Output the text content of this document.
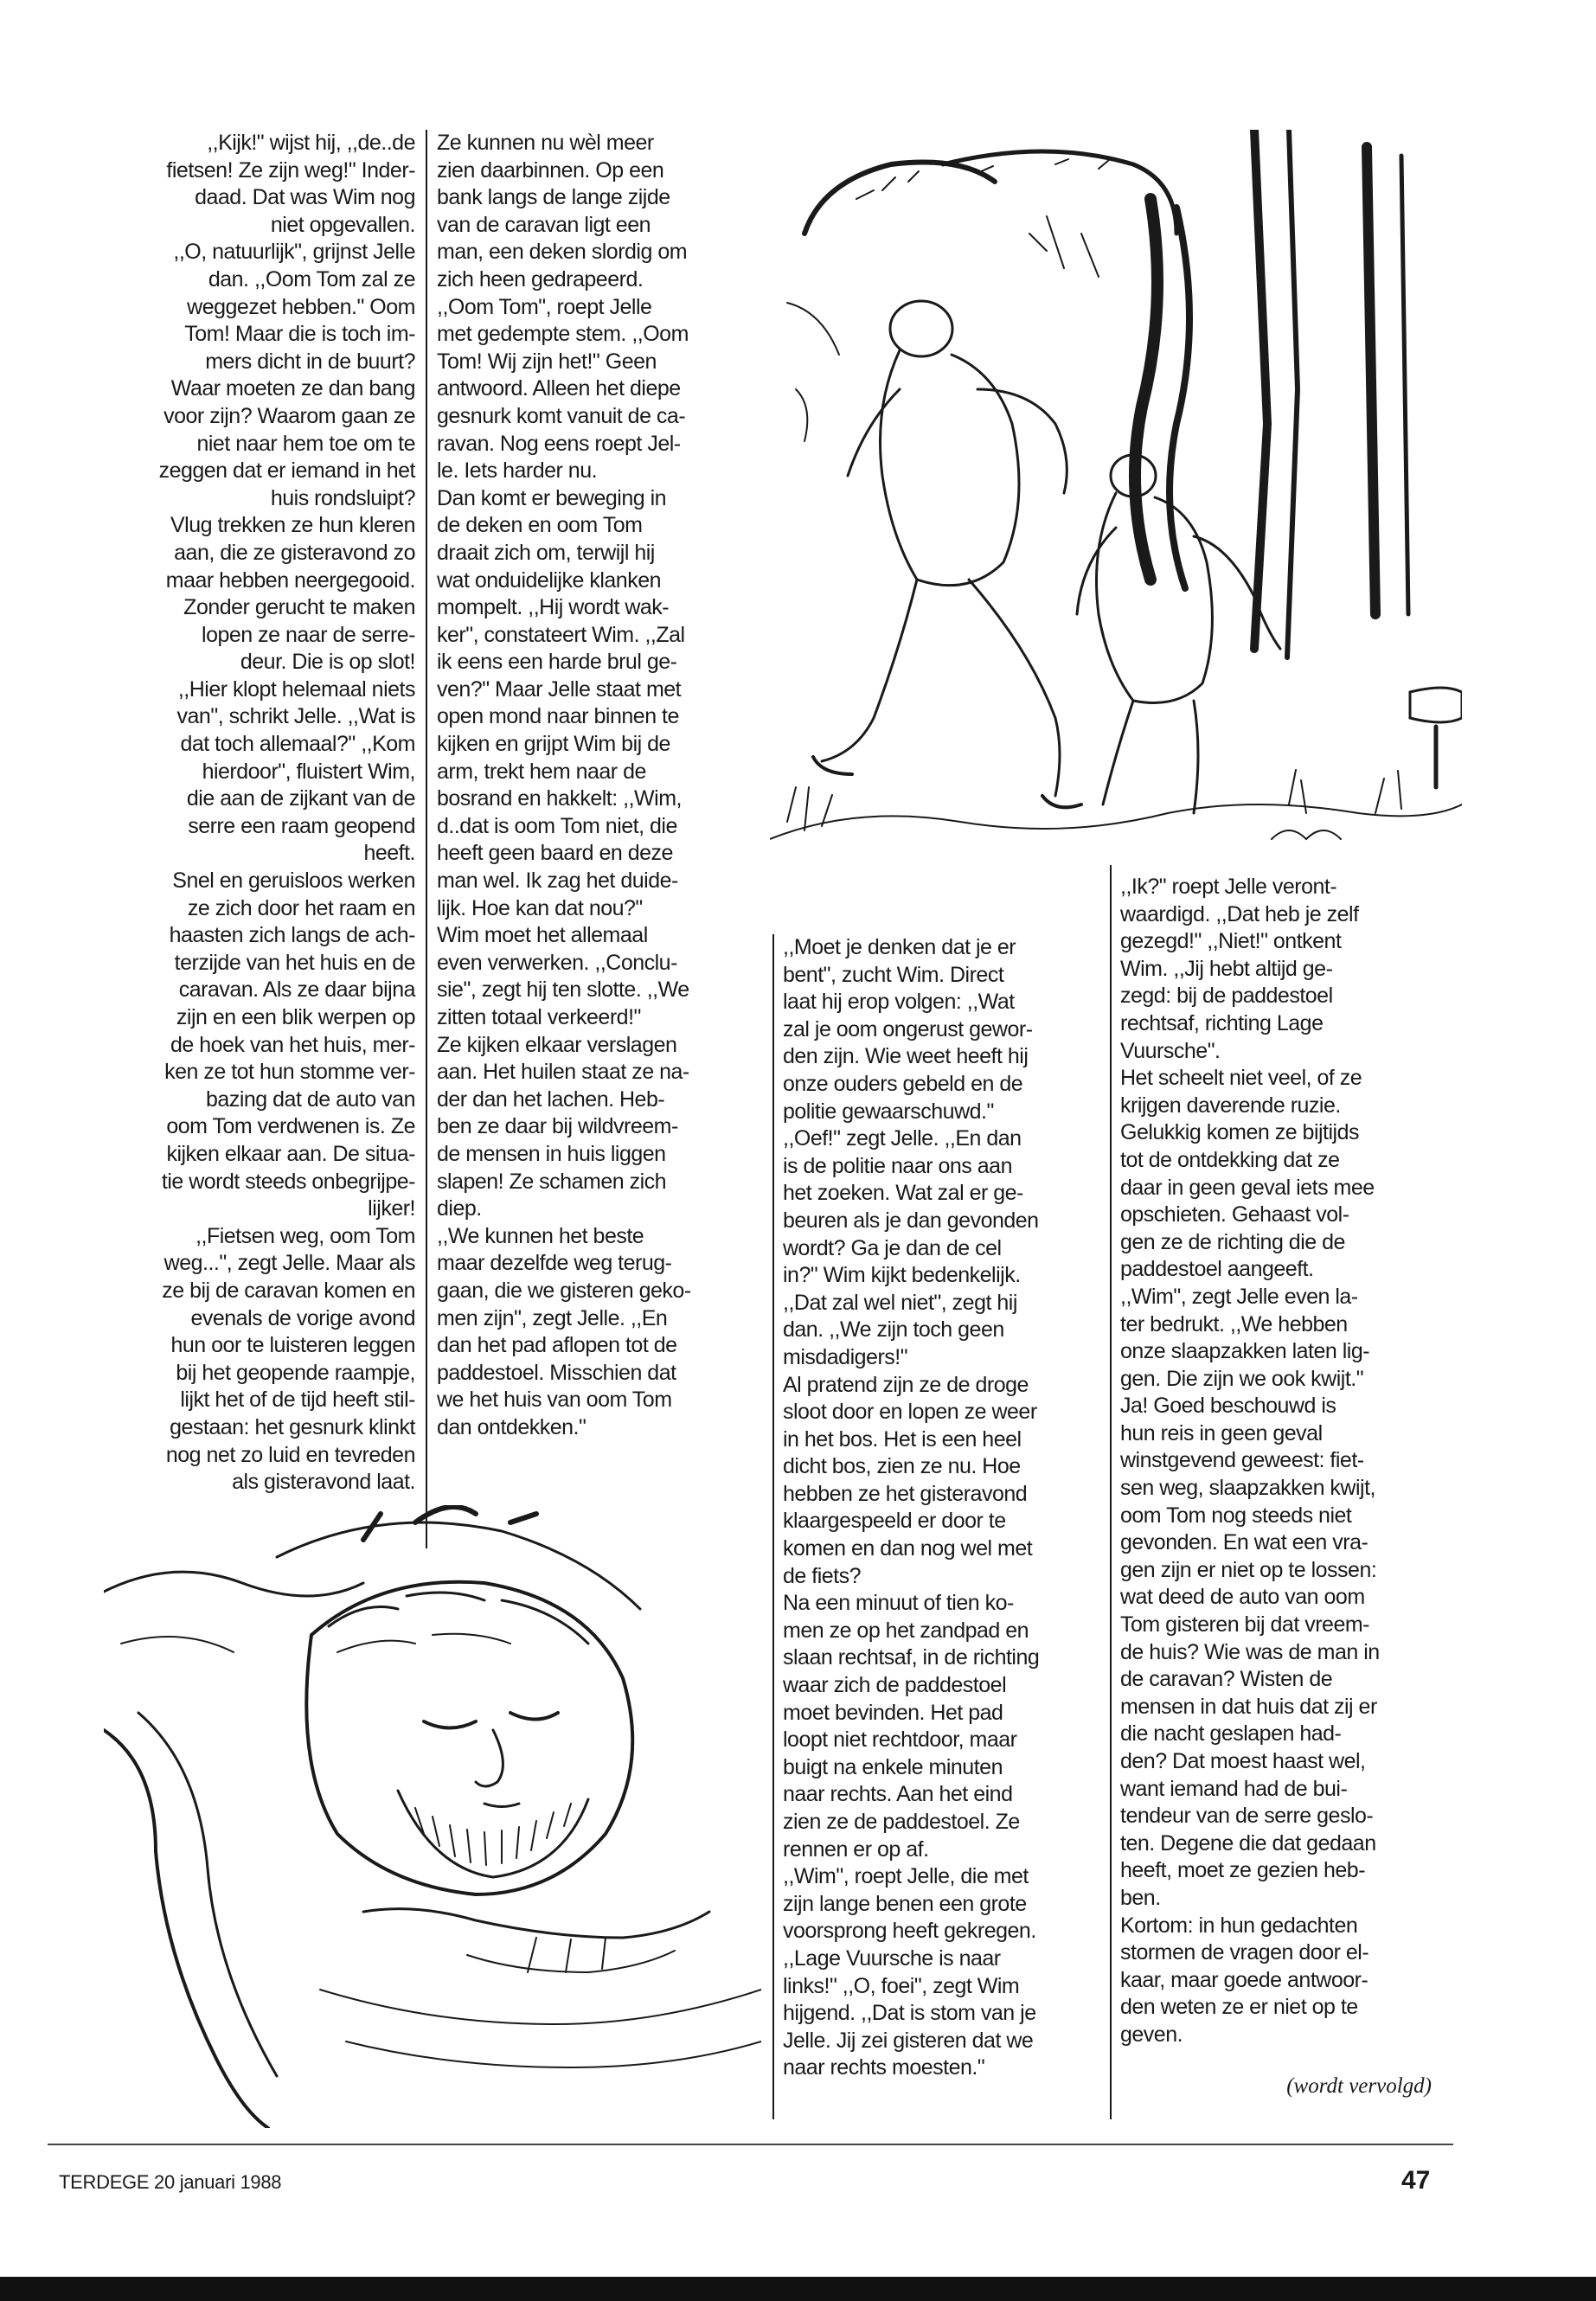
,,Kijk!" wijst hij, ,,de..de
fietsen! Ze zijn weg!" Inder-
daad. Dat was Wim nog
niet opgevallen.
,,O, natuurlijk", grijnst Jelle
dan. ,,Oom Tom zal ze
weggezet hebben." Oom
Tom! Maar die is toch im-
mers dicht in de buurt?
Waar moeten ze dan bang
voor zijn? Waarom gaan ze
niet naar hem toe om te
zeggen dat er iemand in het
huis rondsluipt?
Vlug trekken ze hun kleren
aan, die ze gisteravond zo
maar hebben neergegooid.
Zonder gerucht te maken
lopen ze naar de serre-
deur. Die is op slot!
,,Hier klopt helemaal niets
van", schrikt Jelle. ,,Wat is
dat toch allemaal?" ,,Kom
hierdoor", fluistert Wim,
die aan de zijkant van de
serre een raam geopend
heeft.
Snel en geruisloos werken
ze zich door het raam en
haasten zich langs de ach-
terzijde van het huis en de
caravan. Als ze daar bijna
zijn en een blik werpen op
de hoek van het huis, mer-
ken ze tot hun stomme ver-
bazing dat de auto van
oom Tom verdwenen is. Ze
kijken elkaar aan. De situa-
tie wordt steeds onbegrijpe-
lijker!
,,Fietsen weg, oom Tom
weg...", zegt Jelle. Maar als
ze bij de caravan komen en
evenals de vorige avond
hun oor te luisteren leggen
bij het geopende raampje,
lijkt het of de tijd heeft stil-
gestaan: het gesnurk klinkt
nog net zo luid en tevreden
als gisteravond laat.

Ze kunnen nu wèl meer
zien daarbinnen. Op een
bank langs de lange zijde
van de caravan ligt een
man, een deken slordig om
zich heen gedrapeerd.
,,Oom Tom", roept Jelle
met gedempte stem. ,,Oom
Tom! Wij zijn het!" Geen
antwoord. Alleen het diepe
gesnurk komt vanuit de ca-
ravan. Nog eens roept Jel-
le. Iets harder nu.
Dan komt er beweging in
de deken en oom Tom
draait zich om, terwijl hij
wat onduidelijke klanken
mompelt. ,,Hij wordt wak-
ker", constateert Wim. ,,Zal
ik eens een harde brul ge-
ven?" Maar Jelle staat met
open mond naar binnen te
kijken en grijpt Wim bij de
arm, trekt hem naar de
bosrand en hakkelt: ,,Wim,
d..dat is oom Tom niet, die
heeft geen baard en deze
man wel. Ik zag het duide-
lijk. Hoe kan dat nou?"
Wim moet het allemaal
even verwerken. ,,Conclu-
sie", zegt hij ten slotte. ,,We
zitten totaal verkeerd!"
Ze kijken elkaar verslagen
aan. Het huilen staat ze na-
der dan het lachen. Heb-
ben ze daar bij wildvreem-
de mensen in huis liggen
slapen! Ze schamen zich
diep.
,,We kunnen het beste
maar dezelfde weg terug-
gaan, die we gisteren geko-
men zijn", zegt Jelle. ,,En
dan het pad aflopen tot de
paddestoel. Misschien dat
we het huis van oom Tom
dan ontdekken."

,,Moet je denken dat je er
bent", zucht Wim. Direct
laat hij erop volgen: ,,Wat
zal je oom ongerust gewor-
den zijn. Wie weet heeft hij
onze ouders gebeld en de
politie gewaarschuwd."
,,Oef!" zegt Jelle. ,,En dan
is de politie naar ons aan
het zoeken. Wat zal er ge-
beuren als je dan gevonden
wordt? Ga je dan de cel
in?" Wim kijkt bedenkelijk.
,,Dat zal wel niet", zegt hij
dan. ,,We zijn toch geen
misdadigers!"
Al pratend zijn ze de droge
sloot door en lopen ze weer
in het bos. Het is een heel
dicht bos, zien ze nu. Hoe
hebben ze het gisteravond
klaargespeeld er door te
komen en dan nog wel met
de fiets?
Na een minuut of tien ko-
men ze op het zandpad en
slaan rechtsaf, in de richting
waar zich de paddestoel
moet bevinden. Het pad
loopt niet rechtdoor, maar
buigt na enkele minuten
naar rechts. Aan het eind
zien ze de paddestoel. Ze
rennen er op af.
,,Wim", roept Jelle, die met
zijn lange benen een grote
voorsprong heeft gekregen.
,,Lage Vuursche is naar
links!" ,,O, foei", zegt Wim
hijgend. ,,Dat is stom van je
Jelle. Jij zei gisteren dat we
naar rechts moesten."

,,Ik?" roept Jelle veront-
waardigd. ,,Dat heb je zelf
gezegd!" ,,Niet!" ontkent
Wim. ,,Jij hebt altijd ge-
zegd: bij de paddestoel
rechtsaf, richting Lage
Vuursche".
Het scheelt niet veel, of ze
krijgen daverende ruzie.
Gelukkig komen ze bijtijds
tot de ontdekking dat ze
daar in geen geval iets mee
opschieten. Gehaast vol-
gen ze de richting die de
paddestoel aangeeft.
,,Wim", zegt Jelle even la-
ter bedrukt. ,,We hebben
onze slaapzakken laten lig-
gen. Die zijn we ook kwijt."
Ja! Goed beschouwd is
hun reis in geen geval
winstgevend geweest: fiet-
sen weg, slaapzakken kwijt,
oom Tom nog steeds niet
gevonden. En wat een vra-
gen zijn er niet op te lossen:
wat deed de auto van oom
Tom gisteren bij dat vreem-
de huis? Wie was de man in
de caravan? Wisten de
mensen in dat huis dat zij er
die nacht geslapen had-
den? Dat moest haast wel,
want iemand had de bui-
tendeur van de serre geslo-
ten. Degene die dat gedaan
heeft, moet ze gezien heb-
ben.
Kortom: in hun gedachten
stormen de vragen door el-
kaar, maar goede antwoor-
den weten ze er niet op te
geven.

(wordt vervolgd)
TERDEGE 20 januari 1988	47
